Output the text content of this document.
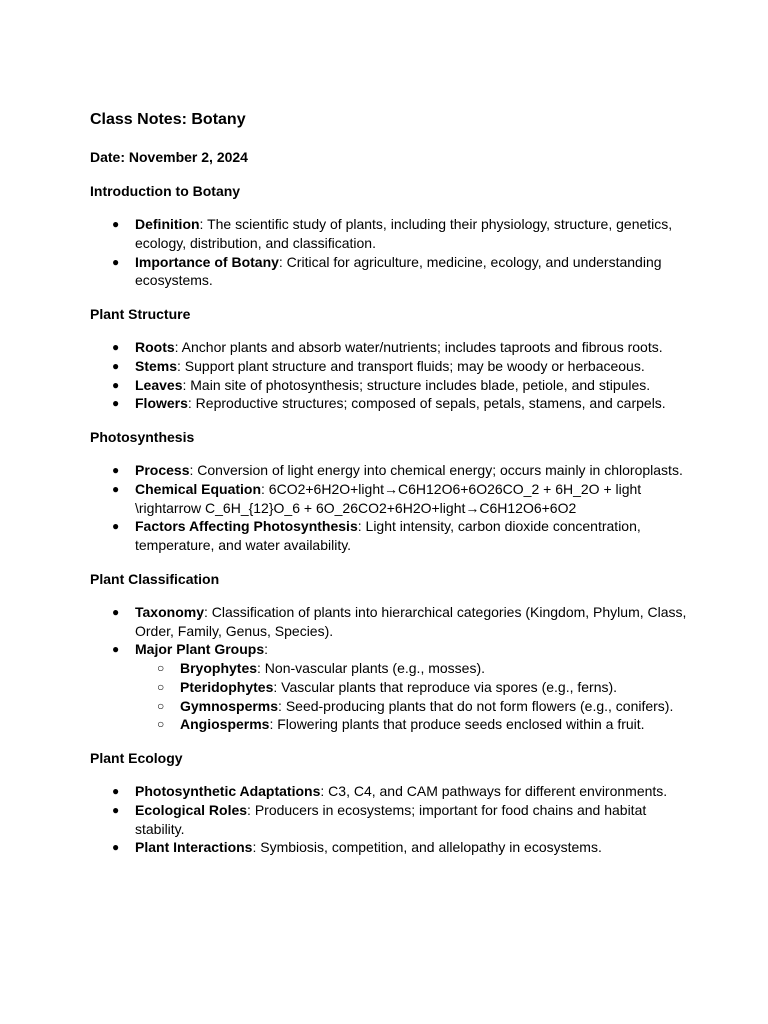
Class Notes: Botany
Date: November 2, 2024
Introduction to Botany
● Definition: The scientific study of plants, including their physiology, structure, genetics, ecology, distribution, and classification.
● Importance of Botany: Critical for agriculture, medicine, ecology, and understanding ecosystems.
Plant Structure
● Roots: Anchor plants and absorb water/nutrients; includes taproots and fibrous roots.
● Stems: Support plant structure and transport fluids; may be woody or herbaceous.
● Leaves: Main site of photosynthesis; structure includes blade, petiole, and stipules.
● Flowers: Reproductive structures; composed of sepals, petals, stamens, and carpels.
Photosynthesis
● Process: Conversion of light energy into chemical energy; occurs mainly in chloroplasts.
● Chemical Equation: 6CO2+6H2O+light→C6H12O6+6O26CO_2 + 6H_2O + light \rightarrow C_6H_{12}O_6 + 6O_26CO2+6H2O+light→C6H12O6+6O2
● Factors Affecting Photosynthesis: Light intensity, carbon dioxide concentration, temperature, and water availability.
Plant Classification
● Taxonomy: Classification of plants into hierarchical categories (Kingdom, Phylum, Class, Order, Family, Genus, Species).
● Major Plant Groups:
○ Bryophytes: Non-vascular plants (e.g., mosses).
○ Pteridophytes: Vascular plants that reproduce via spores (e.g., ferns).
○ Gymnosperms: Seed-producing plants that do not form flowers (e.g., conifers).
○ Angiosperms: Flowering plants that produce seeds enclosed within a fruit.
Plant Ecology
● Photosynthetic Adaptations: C3, C4, and CAM pathways for different environments.
● Ecological Roles: Producers in ecosystems; important for food chains and habitat stability.
● Plant Interactions: Symbiosis, competition, and allelopathy in ecosystems.
